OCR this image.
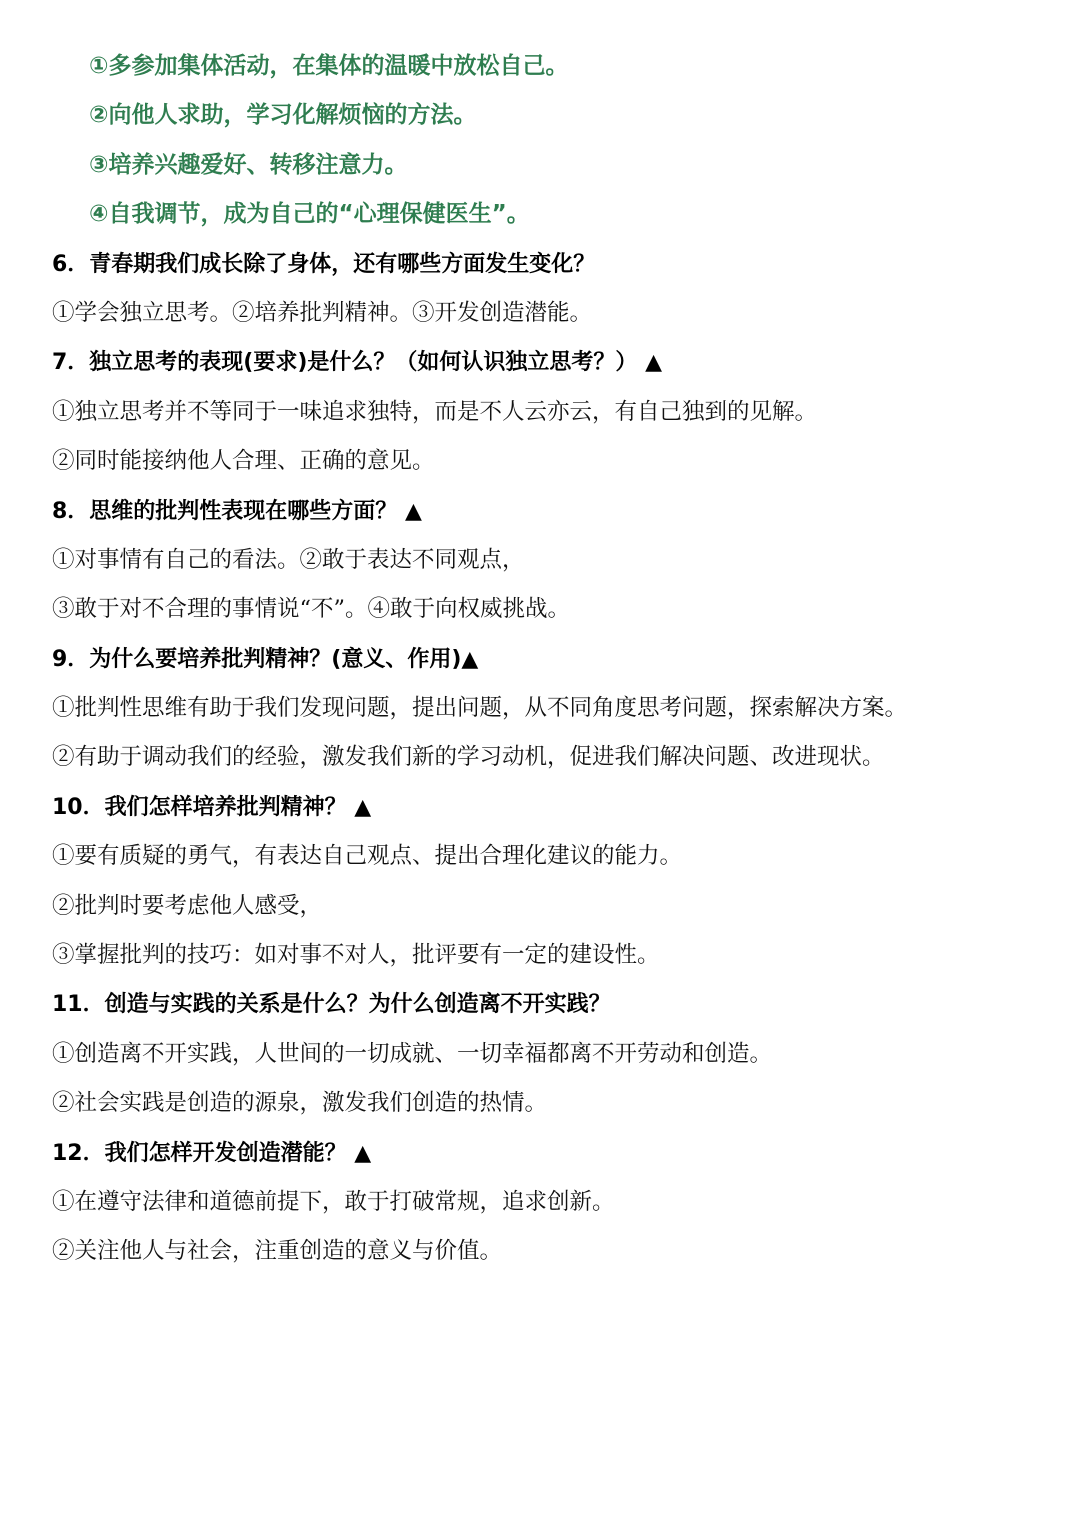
①多参加集体活动，在集体的温暖中放松自己。
②向他人求助，学习化解烦恼的方法。
③培养兴趣爱好、转移注意力。
④自我调节，成为自己的“心理保健医生”。
6．青春期我们成长除了身体，还有哪些方面发生变化？
①学会独立思考。②培养批判精神。③开发创造潜能。
7．独立思考的表现(要求)是什么？（如何认识独立思考？） ▲
①独立思考并不等同于一味追求独特，而是不人云亦云，有自己独到的见解。
②同时能接纳他人合理、正确的意见。
8．思维的批判性表现在哪些方面？ ▲
①对事情有自己的看法。②敢于表达不同观点，
③敢于对不合理的事情说“不”。④敢于向权威挑战。
9．为什么要培养批判精神？(意义、作用)▲
①批判性思维有助于我们发现问题，提出问题，从不同角度思考问题，探索解决方案。
②有助于调动我们的经验，激发我们新的学习动机，促进我们解决问题、改进现状。
10．我们怎样培养批判精神？ ▲
①要有质疑的勇气，有表达自己观点、提出合理化建议的能力。
②批判时要考虑他人感受，
③掌握批判的技巧：如对事不对人，批评要有一定的建设性。
11．创造与实践的关系是什么？为什么创造离不开实践？
①创造离不开实践，人世间的一切成就、一切幸福都离不开劳动和创造。
②社会实践是创造的源泉，激发我们创造的热情。
12．我们怎样开发创造潜能？ ▲
①在遵守法律和道德前提下，敢于打破常规，追求创新。
②关注他人与社会，注重创造的意义与价值。
